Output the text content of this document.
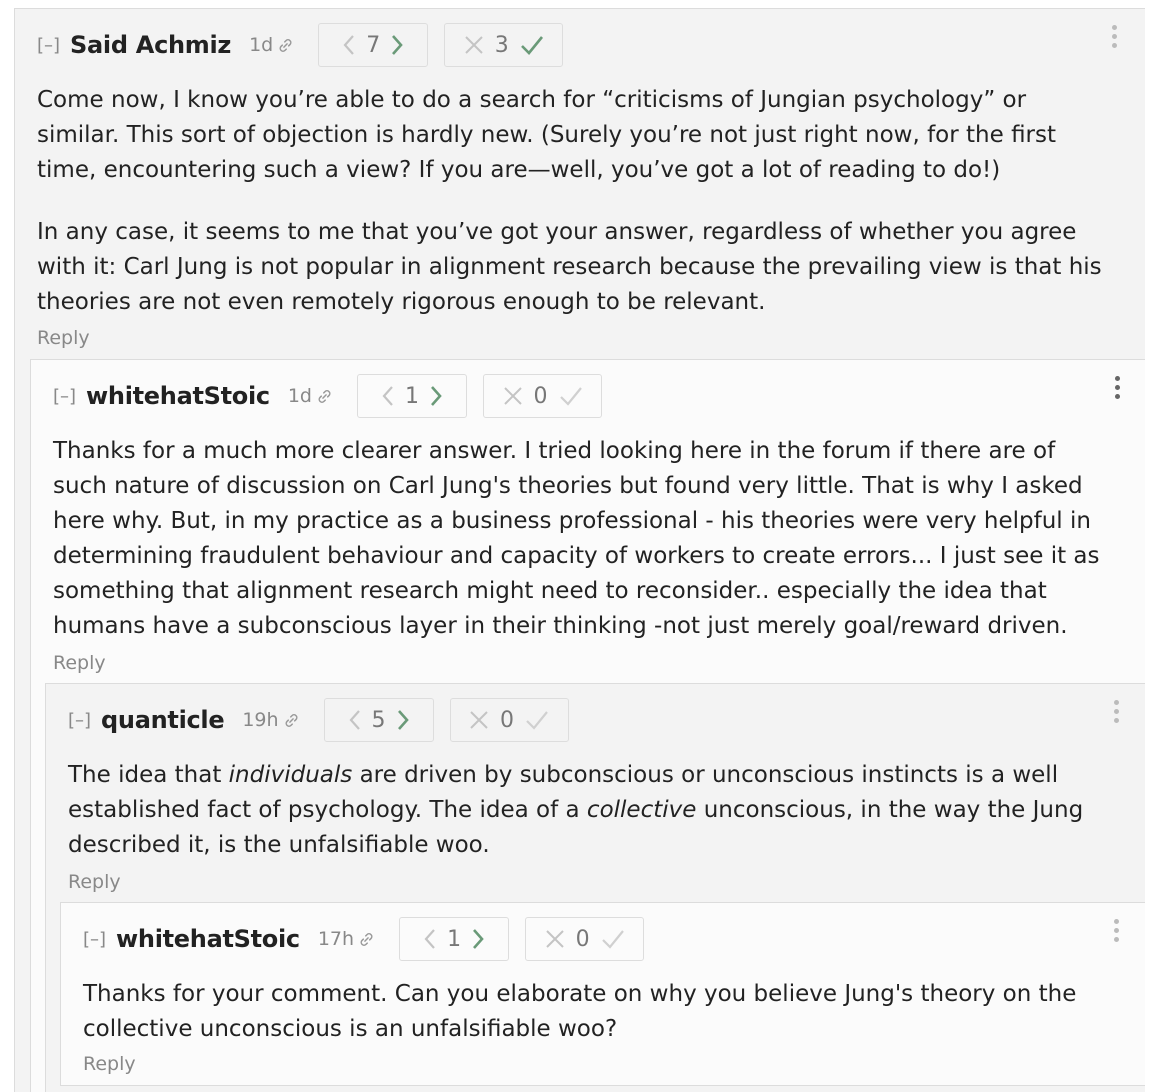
[–] Said Achmiz 1d	7	3

Come now, I know you’re able to do a search for “criticisms of Jungian psychology” or similar. This sort of objection is hardly new. (Surely you’re not just right now, for the first time, encountering such a view? If you are—well, you’ve got a lot of reading to do!)

In any case, it seems to me that you’ve got your answer, regardless of whether you agree with it: Carl Jung is not popular in alignment research because the prevailing view is that his theories are not even remotely rigorous enough to be relevant.

Reply
[–] whitehatStoic 1d	1	0

Thanks for a much more clearer answer. I tried looking here in the forum if there are of such nature of discussion on Carl Jung's theories but found very little. That is why I asked here why. But, in my practice as a business professional - his theories were very helpful in determining fraudulent behaviour and capacity of workers to create errors... I just see it as something that alignment research might need to reconsider.. especially the idea that humans have a subconscious layer in their thinking -not just merely goal/reward driven.

Reply
[–] quanticle 19h	5	0

The idea that individuals are driven by subconscious or unconscious instincts is a well established fact of psychology. The idea of a collective unconscious, in the way the Jung described it, is the unfalsifiable woo.

Reply
[–] whitehatStoic 17h	1	0

Thanks for your comment. Can you elaborate on why you believe Jung's theory on the collective unconscious is an unfalsifiable woo?

Reply
